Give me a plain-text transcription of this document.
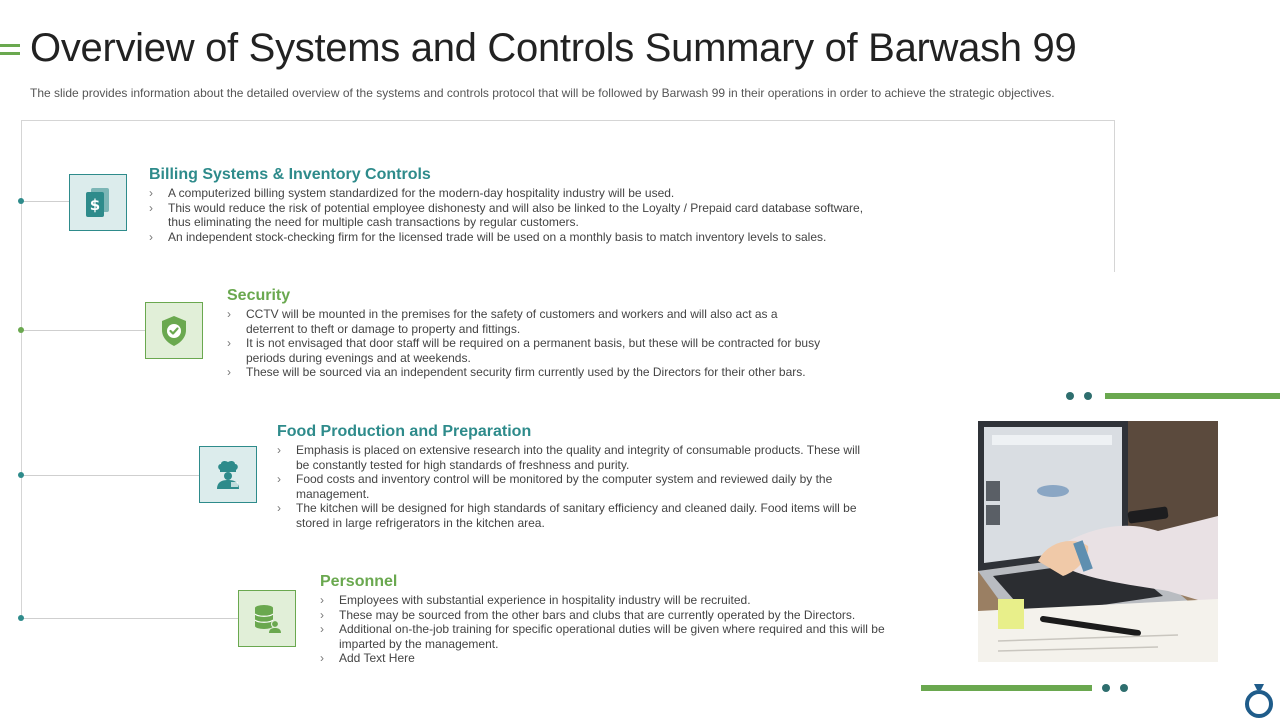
Overview of Systems and Controls Summary of Barwash 99

The slide provides information about the detailed overview of the systems and controls protocol that will be followed by Barwash 99 in their operations in order to achieve the strategic objectives.

$
Billing Systems & Inventory Controls
› A computerized billing system standardized for the modern-day hospitality industry will be used.
› This would reduce the risk of potential employee dishonesty and will also be linked to the Loyalty / Prepaid card database software, thus eliminating the need for multiple cash transactions by regular customers.
› An independent stock-checking firm for the licensed trade will be used on a monthly basis to match inventory levels to sales.
Security
› CCTV will be mounted in the premises for the safety of customers and workers and will also act as a deterrent to theft or damage to property and fittings.
› It is not envisaged that door staff will be required on a permanent basis, but these will be contracted for busy periods during evenings and at weekends.
› These will be sourced via an independent security firm currently used by the Directors for their other bars.
Food Production and Preparation
› Emphasis is placed on extensive research into the quality and integrity of consumable products. These will be constantly tested for high standards of freshness and purity.
› Food costs and inventory control will be monitored by the computer system and reviewed daily by the management.
› The kitchen will be designed for high standards of sanitary efficiency and cleaned daily. Food items will be stored in large refrigerators in the kitchen area.
Personnel
› Employees with substantial experience in hospitality industry will be recruited.
› These may be sourced from the other bars and clubs that are currently operated by the Directors.
› Additional on-the-job training for specific operational duties will be given where required and this will be imparted by the management.
› Add Text Here
